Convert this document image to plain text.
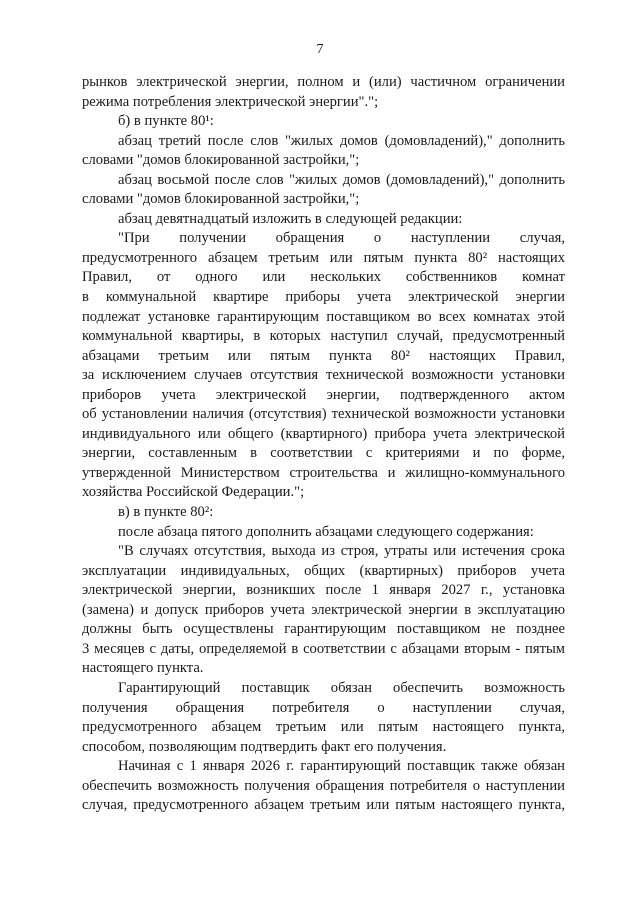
7

рынков электрической энергии, полном и (или) частичном ограничении

режима потребления электрической энергии".";

б) в пункте 80¹:

абзац третий после слов "жилых домов (домовладений)," дополнить

словами "домов блокированной застройки,";

абзац восьмой после слов "жилых домов (домовладений)," дополнить

словами "домов блокированной застройки,";

абзац девятнадцатый изложить в следующей редакции:

"При получении обращения о наступлении случая,

предусмотренного абзацем третьим или пятым пункта 80² настоящих

Правил, от одного или нескольких собственников комнат

в коммунальной квартире приборы учета электрической энергии

подлежат установке гарантирующим поставщиком во всех комнатах этой

коммунальной квартиры, в которых наступил случай, предусмотренный

абзацами третьим или пятым пункта 80² настоящих Правил,

за исключением случаев отсутствия технической возможности установки

приборов учета электрической энергии, подтвержденного актом

об установлении наличия (отсутствия) технической возможности установки

индивидуального или общего (квартирного) прибора учета электрической

энергии, составленным в соответствии с критериями и по форме,

утвержденной Министерством строительства и жилищно-коммунального

хозяйства Российской Федерации.";

в) в пункте 80²:

после абзаца пятого дополнить абзацами следующего содержания:

"В случаях отсутствия, выхода из строя, утраты или истечения срока

эксплуатации индивидуальных, общих (квартирных) приборов учета

электрической энергии, возникших после 1 января 2027 г., установка

(замена) и допуск приборов учета электрической энергии в эксплуатацию

должны быть осуществлены гарантирующим поставщиком не позднее

3 месяцев с даты, определяемой в соответствии с абзацами вторым - пятым

настоящего пункта.

Гарантирующий поставщик обязан обеспечить возможность

получения обращения потребителя о наступлении случая,

предусмотренного абзацем третьим или пятым настоящего пункта,

способом, позволяющим подтвердить факт его получения.

Начиная с 1 января 2026 г. гарантирующий поставщик также обязан

обеспечить возможность получения обращения потребителя о наступлении

случая, предусмотренного абзацем третьим или пятым настоящего пункта,
